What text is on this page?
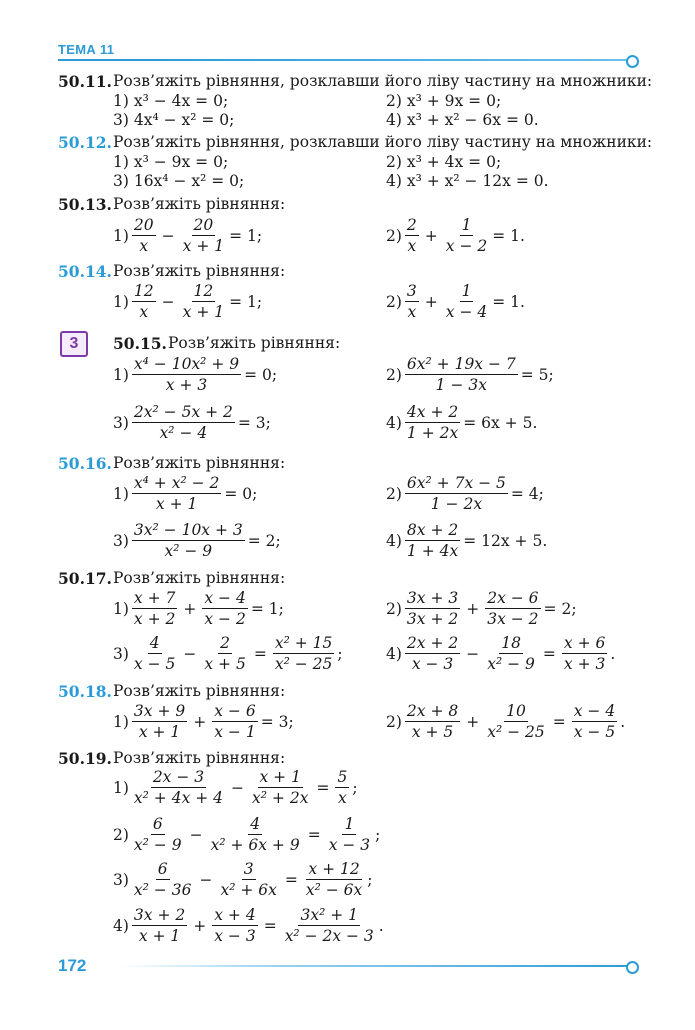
ТЕМА 11
50.11. Розв’яжіть рівняння, розклавши його ліву частину на множники:
1) x³ − 4x = 0;	2) x³ + 9x = 0;
3) 4x⁴ − x² = 0;	4) x³ + x² − 6x = 0.
50.12. Розв’яжіть рівняння, розклавши його ліву частину на множники:
1) x³ − 9x = 0;	2) x³ + 4x = 0;
3) 16x⁴ − x² = 0;	4) x³ + x² − 12x = 0.
50.13. Розв’яжіть рівняння:
$1) \frac{20}{x} - \frac{20}{x + 1} = 1$;	$2) \frac{2}{x} + \frac{1}{x - 2} = 1$.
50.14. Розв’яжіть рівняння:
$1) \frac{12}{x} - \frac{12}{x + 1} = 1$;	$2) \frac{3}{x} + \frac{1}{x - 4} = 1$.
3	50.15. Розв’яжіть рівняння:
$1) \frac{\text{x⁴ − 10x² + 9}}{x + 3} = 0$;	$2) \frac{\text{6x² + 19x − 7}}{1 - 3x} = 5$;
$3) \frac{\text{2x² − 5x + 2}}{\text{x² − 4}} = 3$;	$4) \frac{4x + 2}{1 + 2x} = 6x + 5$.
50.16. Розв’яжіть рівняння:
$1) \frac{\text{x⁴ + x² − 2}}{x + 1} = 0$;	$2) \frac{\text{6x² + 7x − 5}}{1 - 2x} = 4$;
$3) \frac{\text{3x² − 10x + 3}}{\text{x² − 9}} = 2$;	$4) \frac{8x + 2}{1 + 4x} = 12x + 5$.
50.17. Розв’яжіть рівняння:
$1) \frac{x + 7}{x + 2} + \frac{x - 4}{x - 2} = 1$;	$2) \frac{3x + 3}{3x + 2} + \frac{2x - 6}{3x - 2} = 2$;
$3) \frac{4}{x - 5} - \frac{2}{x + 5} = \frac{\text{x² + 15}}{\text{x² − 25}}$ ;	$4) \frac{2x + 2}{x - 3} - \frac{18}{\text{x² − 9}} = \frac{x + 6}{x + 3}$ .
50.18. Розв’яжіть рівняння:
$1) \frac{3x + 9}{x + 1} + \frac{x - 6}{x - 1} = 3$;	$2) \frac{2x + 8}{x + 5} + \frac{10}{\text{x² − 25}} = \frac{x - 4}{x - 5}$ .
50.19. Розв’яжіть рівняння:
$1) \frac{2x - 3}{\text{x² + 4x + 4}} - \frac{x + 1}{\text{x² + 2x}} = \frac{5}{x}$ ;
$2) \frac{6}{\text{x² − 9}} - \frac{4}{\text{x² + 6x + 9}} = \frac{1}{x - 3}$ ;
$3) \frac{6}{\text{x² − 36}} - \frac{3}{\text{x² + 6x}} = \frac{x + 12}{\text{x² − 6x}}$ ;
$4) \frac{3x + 2}{x + 1} + \frac{x + 4}{x - 3} = \frac{\text{3x² + 1}}{\text{x² − 2x − 3}}$ .
172
